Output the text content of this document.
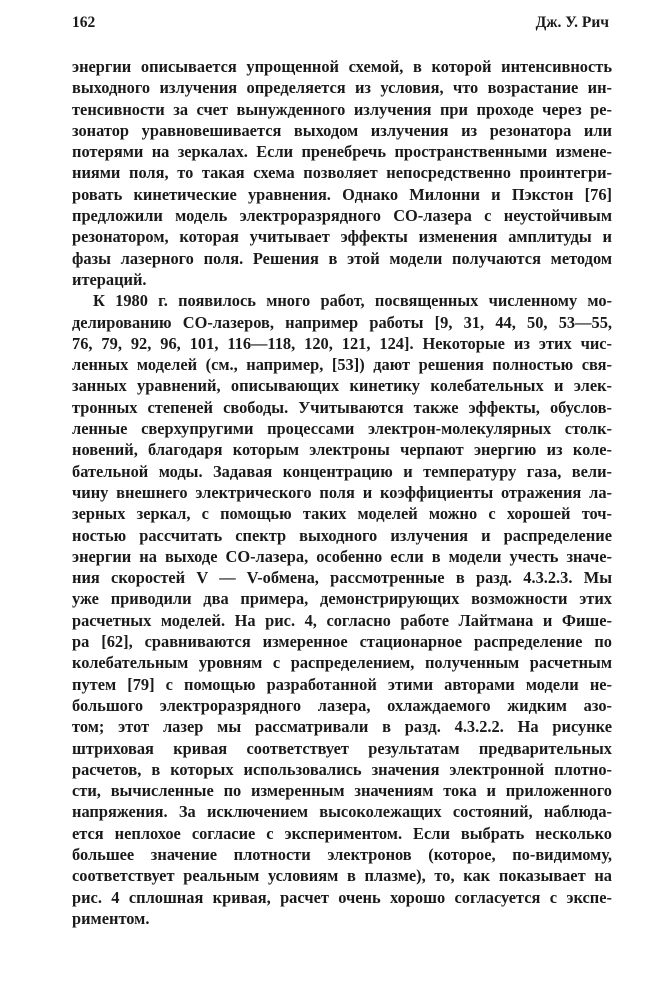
162	Дж. У. Рич
энергии описывается упрощенной схемой, в которой интенсивность
выходного излучения определяется из условия, что возрастание ин-
тенсивности за счет вынужденного излучения при проходе через ре-
зонатор уравновешивается выходом излучения из резонатора или
потерями на зеркалах. Если пренебречь пространственными измене-
ниями поля, то такая схема позволяет непосредственно проинтегри-
ровать кинетические уравнения. Однако Милонни и Пэкстон [76]
предложили модель электроразрядного СО-лазера с неустойчивым
резонатором, которая учитывает эффекты изменения амплитуды и
фазы лазерного поля. Решения в этой модели получаются методом
итераций.
К 1980 г. появилось много работ, посвященных численному мо-
делированию СО-лазеров, например работы [9, 31, 44, 50, 53—55,
76, 79, 92, 96, 101, 116—118, 120, 121, 124]. Некоторые из этих чис-
ленных моделей (см., например, [53]) дают решения полностью свя-
занных уравнений, описывающих кинетику колебательных и элек-
тронных степеней свободы. Учитываются также эффекты, обуслов-
ленные сверхупругими процессами электрон-молекулярных столк-
новений, благодаря которым электроны черпают энергию из коле-
бательной моды. Задавая концентрацию и температуру газа, вели-
чину внешнего электрического поля и коэффициенты отражения ла-
зерных зеркал, с помощью таких моделей можно с хорошей точ-
ностью рассчитать спектр выходного излучения и распределение
энергии на выходе СО-лазера, особенно если в модели учесть значе-
ния скоростей V — V-обмена, рассмотренные в разд. 4.3.2.3. Мы
уже приводили два примера, демонстрирующих возможности этих
расчетных моделей. На рис. 4, согласно работе Лайтмана и Фише-
ра [62], сравниваются измеренное стационарное распределение по
колебательным уровням с распределением, полученным расчетным
путем [79] с помощью разработанной этими авторами модели не-
большого электроразрядного лазера, охлаждаемого жидким азо-
том; этот лазер мы рассматривали в разд. 4.3.2.2. На рисунке
штриховая кривая соответствует результатам предварительных
расчетов, в которых использовались значения электронной плотно-
сти, вычисленные по измеренным значениям тока и приложенного
напряжения. За исключением высоколежащих состояний, наблюда-
ется неплохое согласие с экспериментом. Если выбрать несколько
большее значение плотности электронов (которое, по-видимому,
соответствует реальным условиям в плазме), то, как показывает на
рис. 4 сплошная кривая, расчет очень хорошо согласуется с экспе-
риментом.
